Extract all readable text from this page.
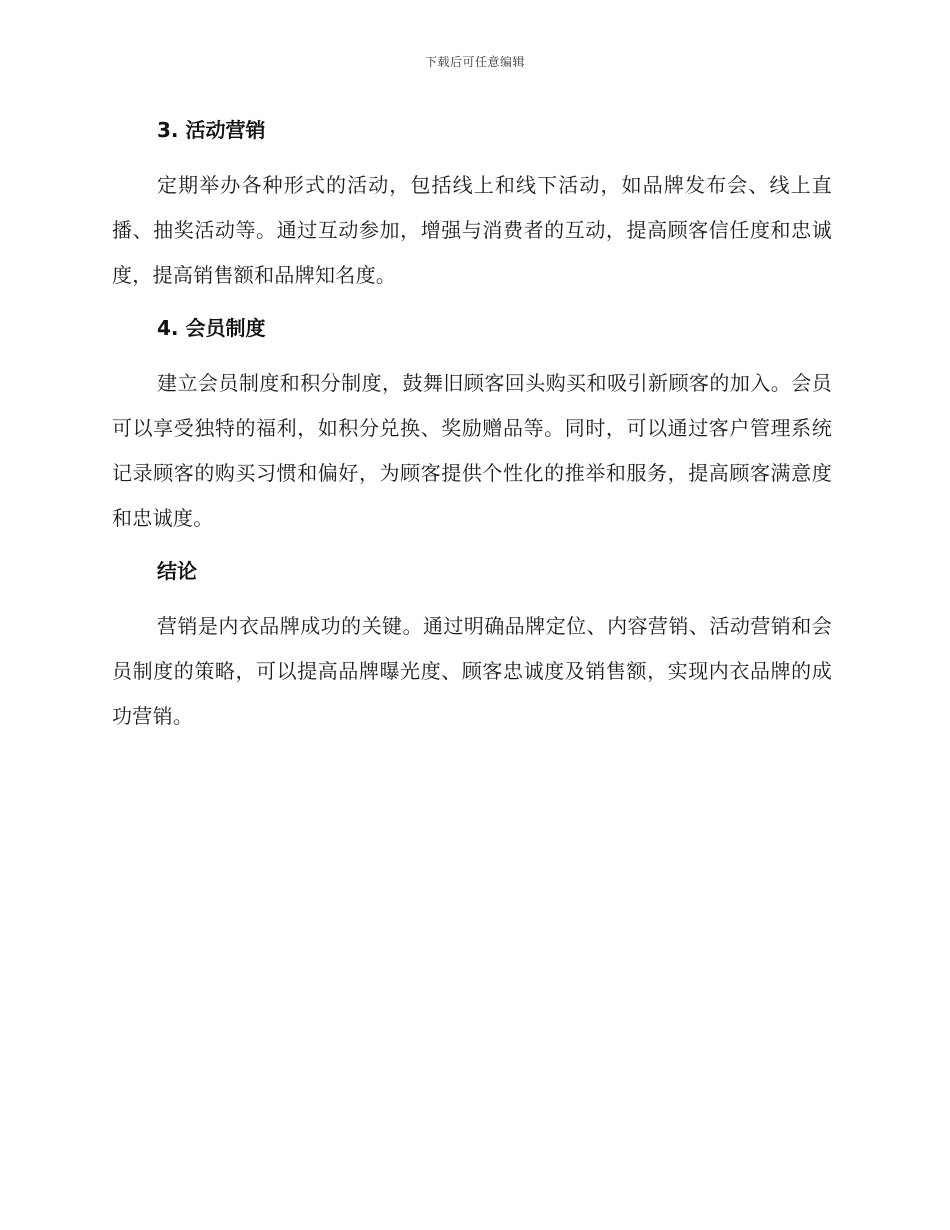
下载后可任意编辑
3. 活动营销

定期举办各种形式的活动，包括线上和线下活动，如品牌发布会、线上直播、抽奖活动等。通过互动参加，增强与消费者的互动，提高顾客信任度和忠诚度，提高销售额和品牌知名度。

4. 会员制度

建立会员制度和积分制度，鼓舞旧顾客回头购买和吸引新顾客的加入。会员可以享受独特的福利，如积分兑换、奖励赠品等。同时，可以通过客户管理系统记录顾客的购买习惯和偏好，为顾客提供个性化的推举和服务，提高顾客满意度和忠诚度。

结论

营销是内衣品牌成功的关键。通过明确品牌定位、内容营销、活动营销和会员制度的策略，可以提高品牌曝光度、顾客忠诚度及销售额，实现内衣品牌的成功营销。
